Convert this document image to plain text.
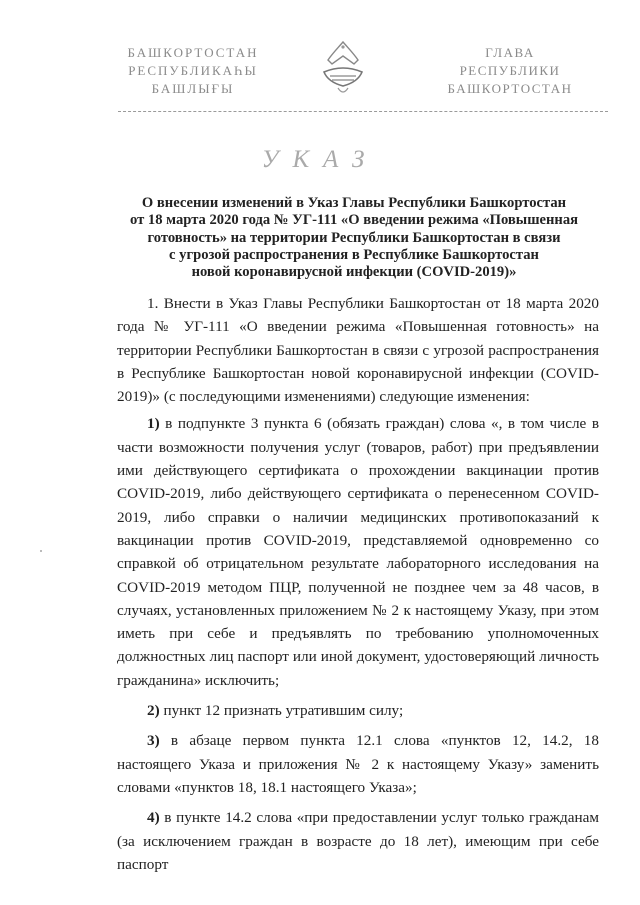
БАШКОРТОСТАН
РЕСПУБЛИКАҺЫ
БАШЛЫҒЫ
ГЛАВА
РЕСПУБЛИКИ
БАШКОРТОСТАН
УКАЗ
О внесении изменений в Указ Главы Республики Башкортостан
от 18 марта 2020 года № УГ-111 «О введении режима «Повышенная
готовность» на территории Республики Башкортостан в связи
с угрозой распространения в Республике Башкортостан
новой коронавирусной инфекции (COVID-2019)»

1. Внести в Указ Главы Республики Башкортостан от 18 марта 2020 года № УГ-111 «О введении режима «Повышенная готовность» на территории Республики Башкортостан в связи с угрозой распространения в Республике Башкортостан новой коронавирусной инфекции (COVID-2019)» (с последующими изменениями) следующие изменения:

1) в подпункте 3 пункта 6 (обязать граждан) слова «, в том числе в части возможности получения услуг (товаров, работ) при предъявлении ими действующего сертификата о прохождении вакцинации против COVID-2019, либо действующего сертификата о перенесенном COVID-2019, либо справки о наличии медицинских противопоказаний к вакцинации против COVID-2019, представляемой одновременно со справкой об отрицательном результате лабораторного исследования на COVID-2019 методом ПЦР, полученной не позднее чем за 48 часов, в случаях, установленных приложением № 2 к настоящему Указу, при этом иметь при себе и предъявлять по требованию уполномоченных должностных лиц паспорт или иной документ, удостоверяющий личность гражданина» исключить;

2) пункт 12 признать утратившим силу;

3) в абзаце первом пункта 12.1 слова «пунктов 12, 14.2, 18 настоящего Указа и приложения № 2 к настоящему Указу» заменить словами «пунктов 18, 18.1 настоящего Указа»;

4) в пункте 14.2 слова «при предоставлении услуг только гражданам (за исключением граждан в возрасте до 18 лет), имеющим при себе паспорт
